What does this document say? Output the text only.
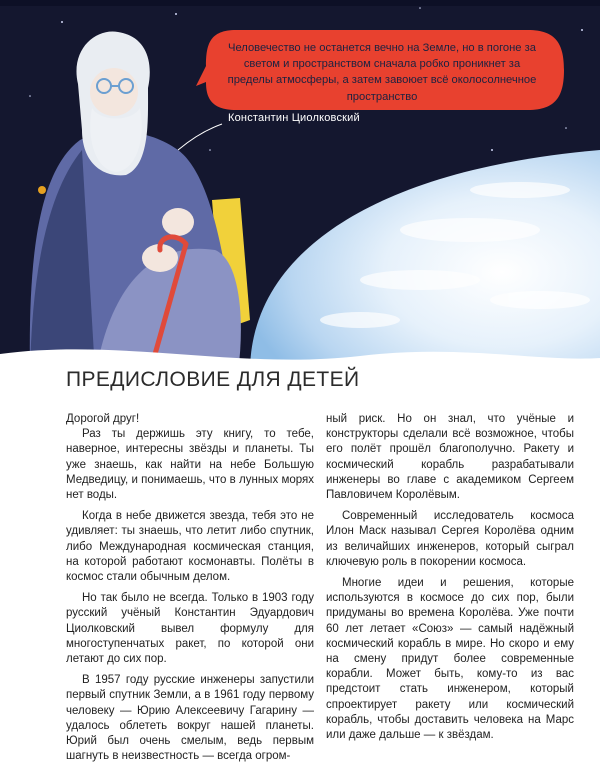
Человечество не останется вечно на Земле, но в погоне за светом и пространством сначала робко проникнет за пределы атмосферы, а затем завоюет всё околосолнечное пространство
Константин Циолковский
ПРЕДИСЛОВИЕ ДЛЯ ДЕТЕЙ

Дорогой друг!

Раз ты держишь эту книгу, то тебе, наверное, интересны звёзды и планеты. Ты уже знаешь, как найти на небе Большую Медведицу, и понимаешь, что в лунных морях нет воды.

Когда в небе движется звезда, тебя это не удивляет: ты знаешь, что летит либо спутник, либо Международная космическая станция, на которой работают космонавты. Полёты в космос стали обычным делом.

Но так было не всегда. Только в 1903 году русский учёный Константин Эдуардович Циолковский вывел формулу для многоступенчатых ракет, по которой они летают до сих пор.

В 1957 году русские инженеры запустили первый спутник Земли, а в 1961 году первому человеку — Юрию Алексеевичу Гагарину — удалось облететь вокруг нашей планеты. Юрий был очень смелым, ведь первым шагнуть в неизвестность — всегда огром-

ный риск. Но он знал, что учёные и конструкторы сделали всё возможное, чтобы его полёт прошёл благополучно. Ракету и космический корабль разрабатывали инженеры во главе с академиком Сергеем Павловичем Королёвым.

Современный исследователь космоса Илон Маск называл Сергея Королёва одним из величайших инженеров, который сыграл ключевую роль в покорении космоса.

Многие идеи и решения, которые используются в космосе до сих пор, были придуманы во времена Королёва. Уже почти 60 лет летает «Союз» — самый надёжный космический корабль в мире. Но скоро и ему на смену придут более современные корабли. Может быть, кому-то из вас предстоит стать инженером, который спроектирует ракету или космический корабль, чтобы доставить человека на Марс или даже дальше — к звёздам.
